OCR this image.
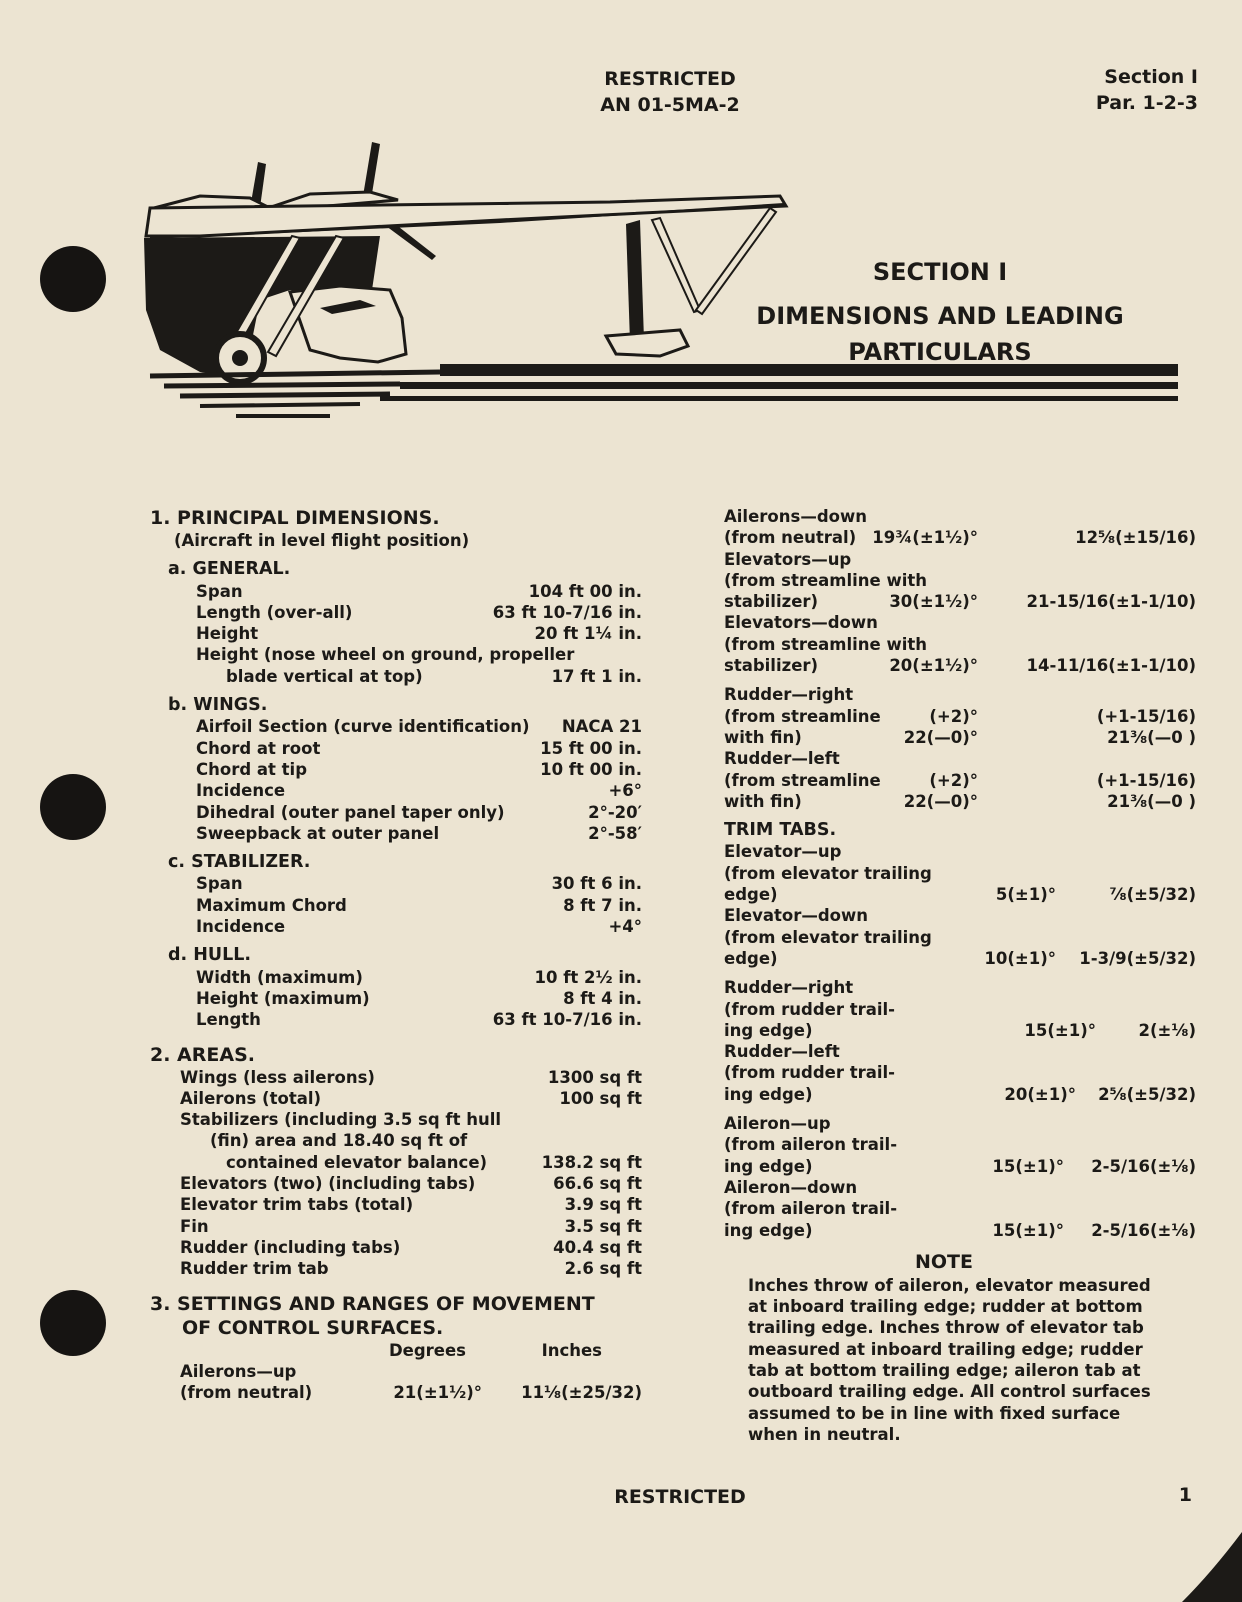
RESTRICTED
AN 01-5MA-2
Section I
Par. 1-2-3
SECTION I
DIMENSIONS AND LEADING
PARTICULARS
1. PRINCIPAL DIMENSIONS.
(Aircraft in level flight position)
a. GENERAL.
Span	104 ft 00 in.
Length (over-all)	63 ft 10-7/16 in.
Height	20 ft 1¼ in.
Height (nose wheel on ground, propeller
blade vertical at top)	17 ft 1 in.
b. WINGS.
Airfoil Section (curve identification) NACA 21
Chord at root	15 ft 00 in.
Chord at tip	10 ft 00 in.
Incidence	+6°
Dihedral (outer panel taper only)	2°-20′
Sweepback at outer panel	2°-58′
c. STABILIZER.
Span	30 ft 6 in.
Maximum Chord	8 ft 7 in.
Incidence	+4°
d. HULL.
Width (maximum)	10 ft 2½ in.
Height (maximum)	8 ft 4 in.
Length	63 ft 10-7/16 in.
2. AREAS.
Wings (less ailerons)	1300 sq ft
Ailerons (total)	100 sq ft
Stabilizers (including 3.5 sq ft hull
(fin) area and 18.40 sq ft of
contained elevator balance)	138.2 sq ft
Elevators (two) (including tabs)	66.6 sq ft
Elevator trim tabs (total)	3.9 sq ft
Fin	3.5 sq ft
Rudder (including tabs)	40.4 sq ft
Rudder trim tab	2.6 sq ft
3. SETTINGS AND RANGES OF MOVEMENT
OF CONTROL SURFACES.
Degrees	Inches
Ailerons—up
(from neutral)	21(±1½)° 11⅛(±25/32)
Ailerons—down
(from neutral) 19¾(±1½)°	12⅝(±15/16)
Elevators—up
(from streamline with
stabilizer)	30(±1½)°	21-15/16(±1-1/10)
Elevators—down
(from streamline with
stabilizer)	20(±1½)°	14-11/16(±1-1/10)
Rudder—right
(from streamline	(+2)°	(+1-15/16)
with fin)	22(—0)°	21⅜(—0 )
Rudder—left
(from streamline	(+2)°	(+1-15/16)
with fin)	22(—0)°	21⅜(—0 )
TRIM TABS.
Elevator—up
(from elevator trailing
edge)	5(±1)°	⅞(±5/32)
Elevator—down
(from elevator trailing
edge)	10(±1)° 1-3/9(±5/32)
Rudder—right
(from rudder trail-
ing edge)	15(±1)°	2(±⅛)
Rudder—left
(from rudder trail-
ing edge)	20(±1)° 2⅝(±5/32)
Aileron—up
(from aileron trail-
ing edge)	15(±1)° 2-5/16(±⅛)
Aileron—down
(from aileron trail-
ing edge)	15(±1)° 2-5/16(±⅛)
NOTE
Inches throw of aileron, elevator measured
at inboard trailing edge; rudder at bottom
trailing edge. Inches throw of elevator tab
measured at inboard trailing edge; rudder
tab at bottom trailing edge; aileron tab at
outboard trailing edge. All control surfaces
assumed to be in line with fixed surface
when in neutral.
RESTRICTED	1
